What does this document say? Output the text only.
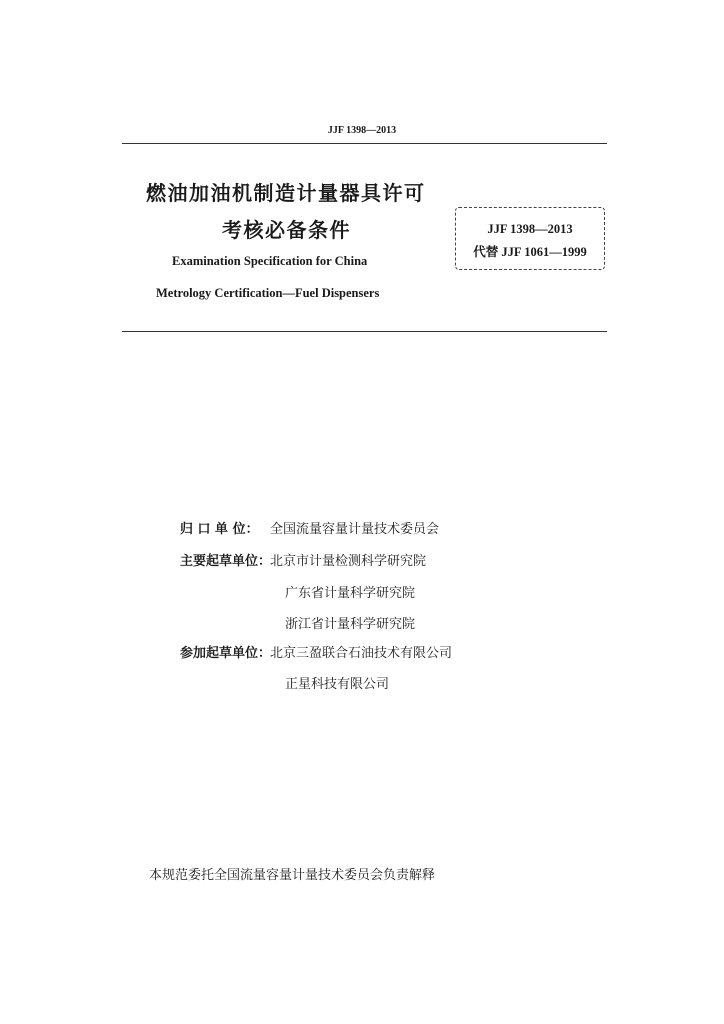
JJF 1398—2013
燃油加油机制造计量器具许可
考核必备条件
Examination Specification for China
Metrology Certification—Fuel Dispensers
JJF 1398—2013
代替 JJF 1061—1999
归 口 单 位： 全国流量容量计量技术委员会
主要起草单位：北京市计量检测科学研究院
广东省计量科学研究院
浙江省计量科学研究院
参加起草单位：北京三盈联合石油技术有限公司
正星科技有限公司
本规范委托全国流量容量计量技术委员会负责解释
